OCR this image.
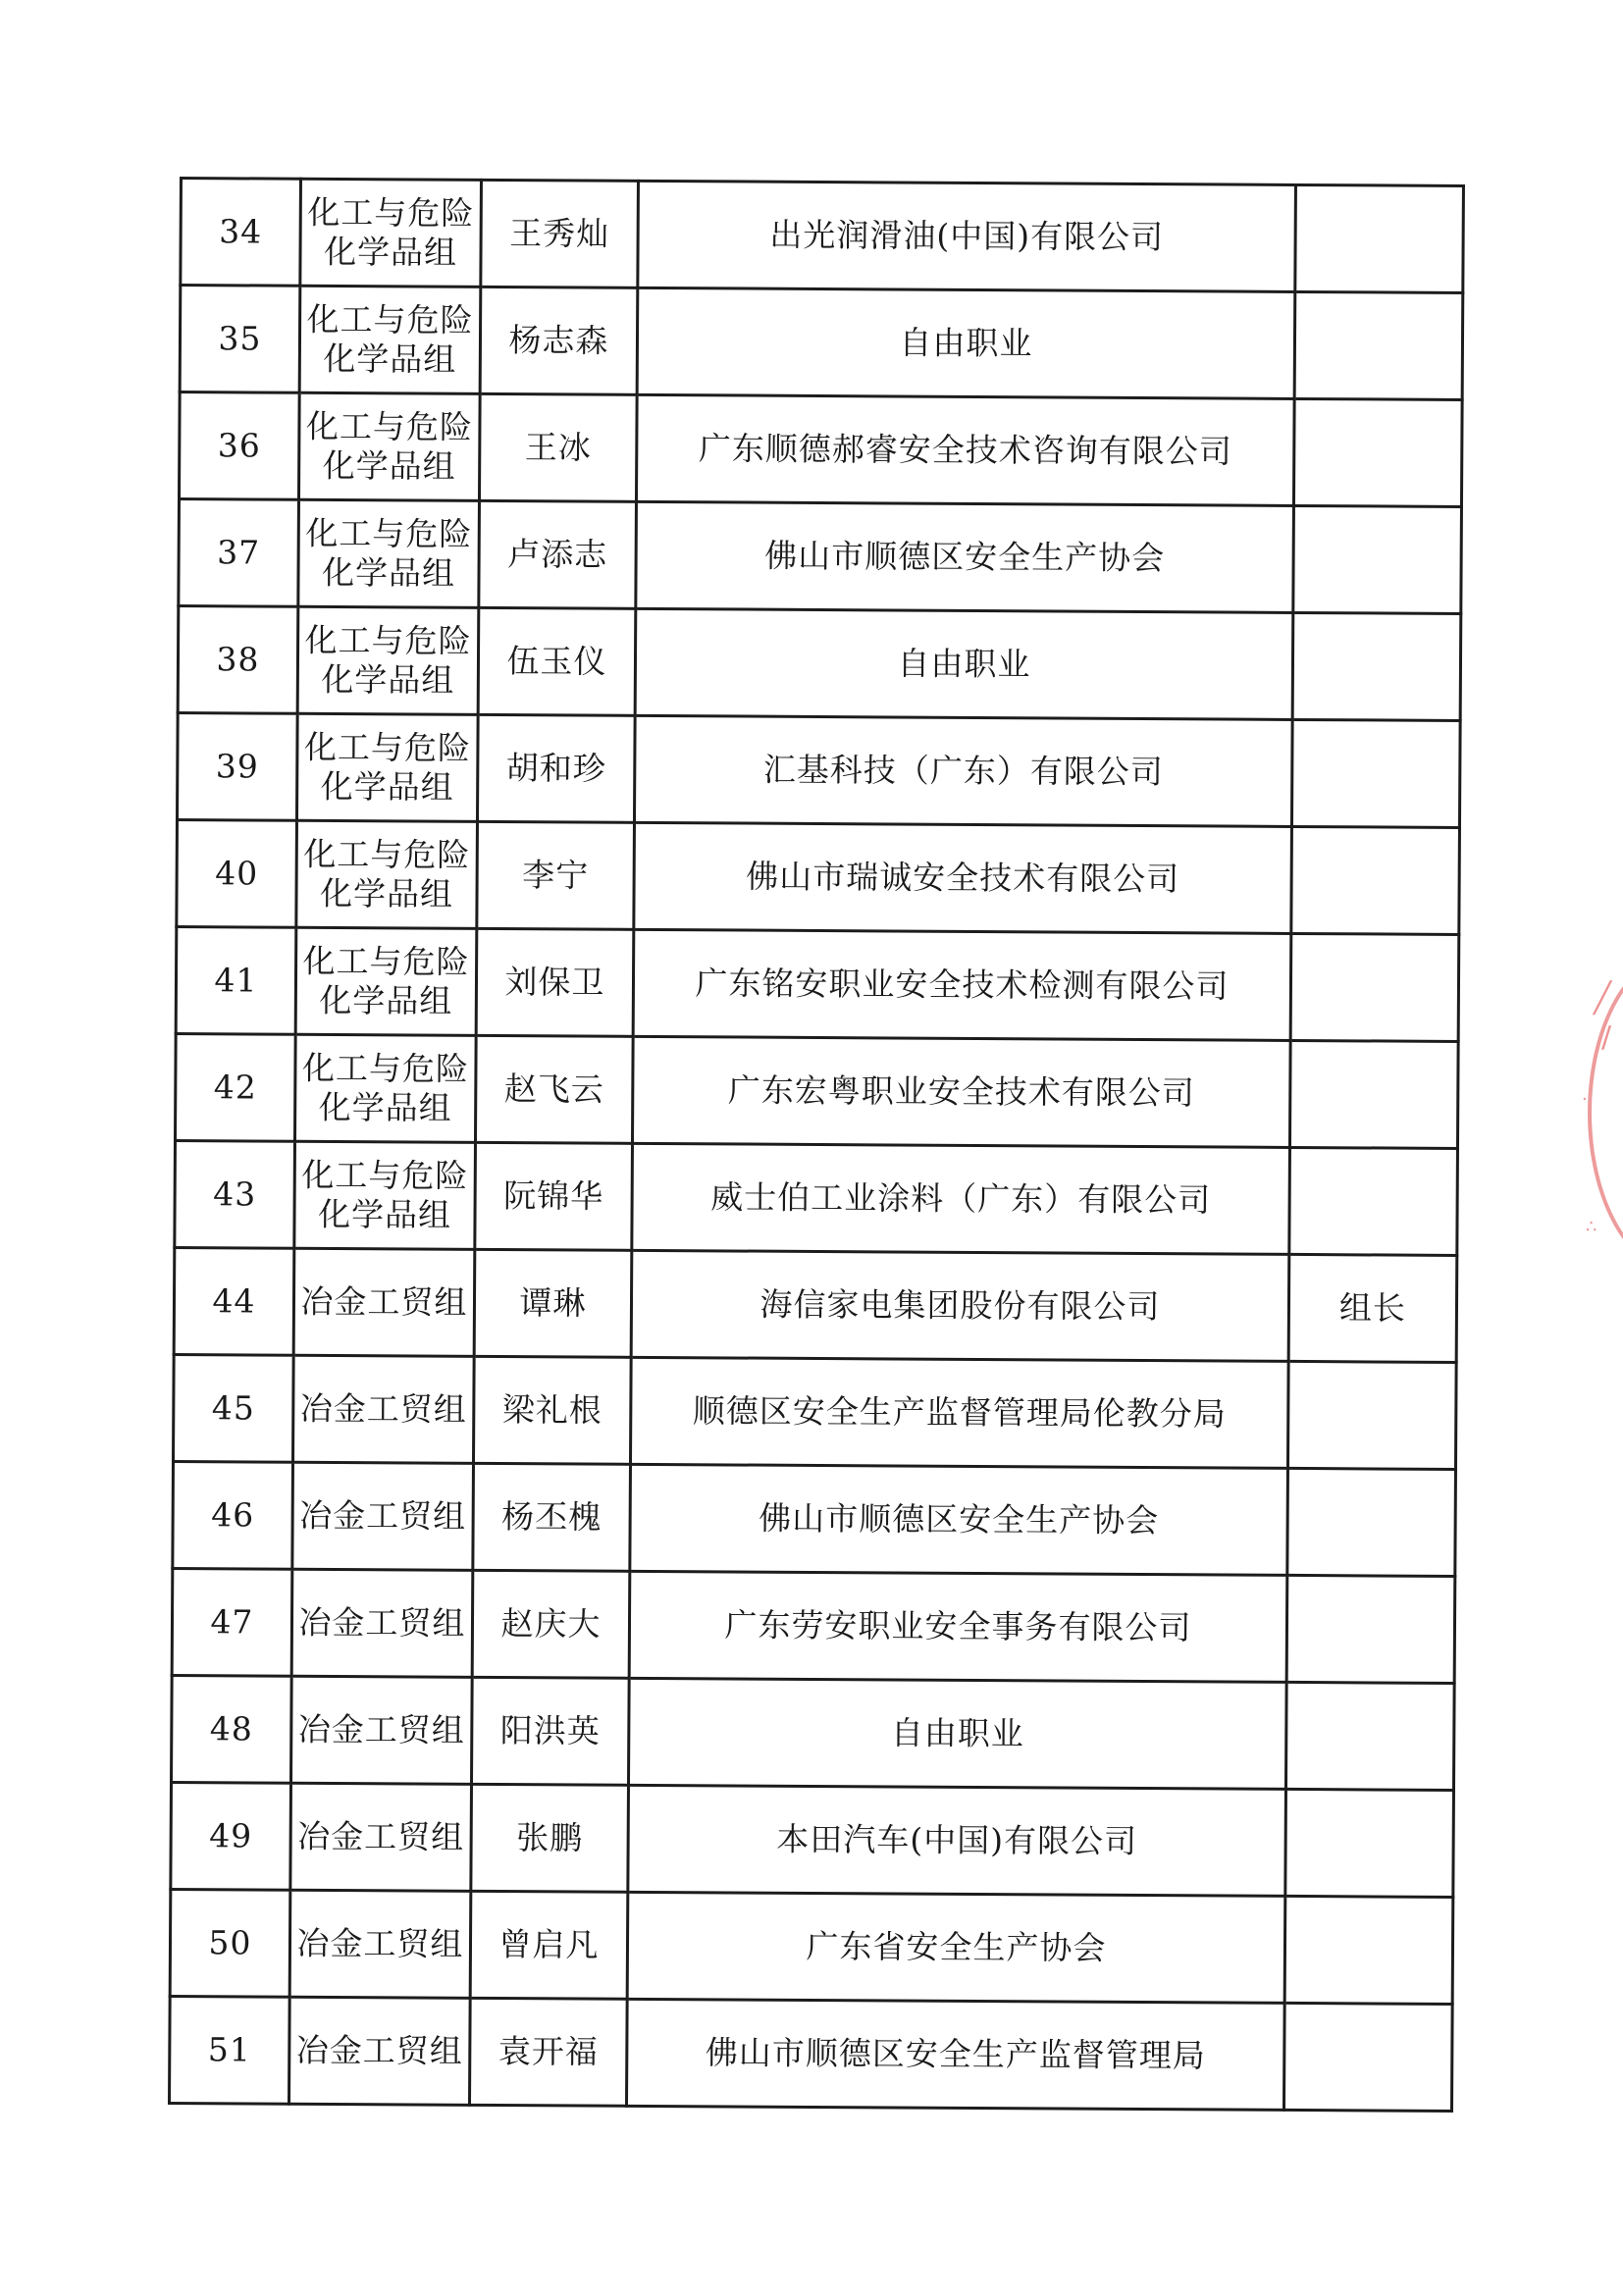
34	化工与危险
化学品组	王秀灿	出光润滑油(中国)有限公司	
35	化工与危险
化学品组	杨志森	自由职业	
36	化工与危险
化学品组	王冰	广东顺德郝睿安全技术咨询有限公司	
37	化工与危险
化学品组	卢添志	佛山市顺德区安全生产协会	
38	化工与危险
化学品组	伍玉仪	自由职业	
39	化工与危险
化学品组	胡和珍	汇基科技（广东）有限公司	
40	化工与危险
化学品组	李宁	佛山市瑞诚安全技术有限公司	
41	化工与危险
化学品组	刘保卫	广东铭安职业安全技术检测有限公司	
42	化工与危险
化学品组	赵飞云	广东宏粤职业安全技术有限公司	
43	化工与危险
化学品组	阮锦华	威士伯工业涂料（广东）有限公司	
44	冶金工贸组	谭琳	海信家电集团股份有限公司	组长
45	冶金工贸组	梁礼根	顺德区安全生产监督管理局伦教分局	
46	冶金工贸组	杨丕槐	佛山市顺德区安全生产协会	
47	冶金工贸组	赵庆大	广东劳安职业安全事务有限公司	
48	冶金工贸组	阳洪英	自由职业	
49	冶金工贸组	张鹏	本田汽车(中国)有限公司	
50	冶金工贸组	曾启凡	广东省安全生产协会	
51	冶金工贸组	袁开福	佛山市顺德区安全生产监督管理局	
╱
∕
·
∴
